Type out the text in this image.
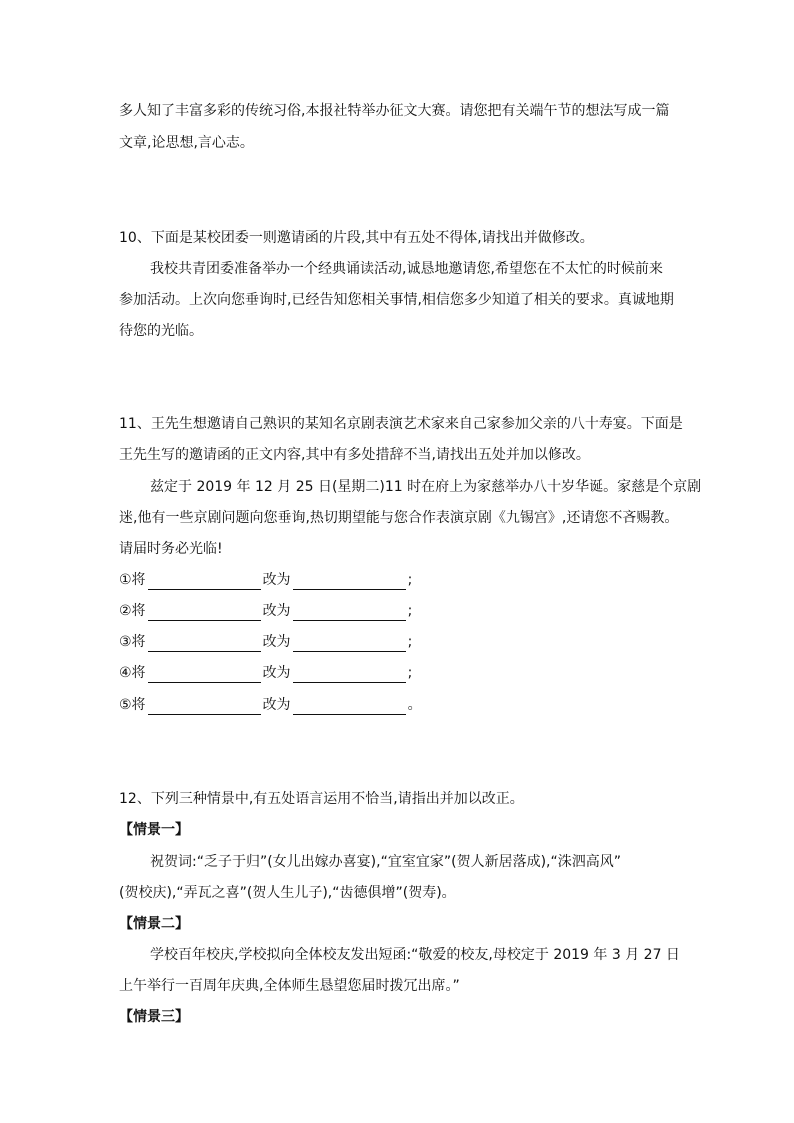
多人知了丰富多彩的传统习俗,本报社特举办征文大赛。请您把有关端午节的想法写成一篇
文章,论思想,言心志。
10、下面是某校团委一则邀请函的片段,其中有五处不得体,请找出并做修改。
我校共青团委准备举办一个经典诵读活动,诚恳地邀请您,希望您在不太忙的时候前来
参加活动。上次向您垂询时,已经告知您相关事情,相信您多少知道了相关的要求。真诚地期
待您的光临。
11、王先生想邀请自己熟识的某知名京剧表演艺术家来自己家参加父亲的八十寿宴。下面是
王先生写的邀请函的正文内容,其中有多处措辞不当,请找出五处并加以修改。
兹定于 2019 年 12 月 25 日(星期二)11 时在府上为家慈举办八十岁华诞。家慈是个京剧
迷,他有一些京剧问题向您垂询,热切期望能与您合作表演京剧《九锡宫》,还请您不吝赐教。
请届时务必光临!
①将	改为	;
②将	改为	;
③将	改为	;
④将	改为	;
⑤将	改为	。
12、下列三种情景中,有五处语言运用不恰当,请指出并加以改正。
【情景一】
祝贺词:“乏子于归”(女儿出嫁办喜宴),“宜室宜家”(贺人新居落成),“洙泗高风”
(贺校庆),“弄瓦之喜”(贺人生儿子),“齿德俱增”(贺寿)。
【情景二】
学校百年校庆,学校拟向全体校友发出短函:“敬爱的校友,母校定于 2019 年 3 月 27 日
上午举行一百周年庆典,全体师生恳望您届时拨冗出席。”
【情景三】
